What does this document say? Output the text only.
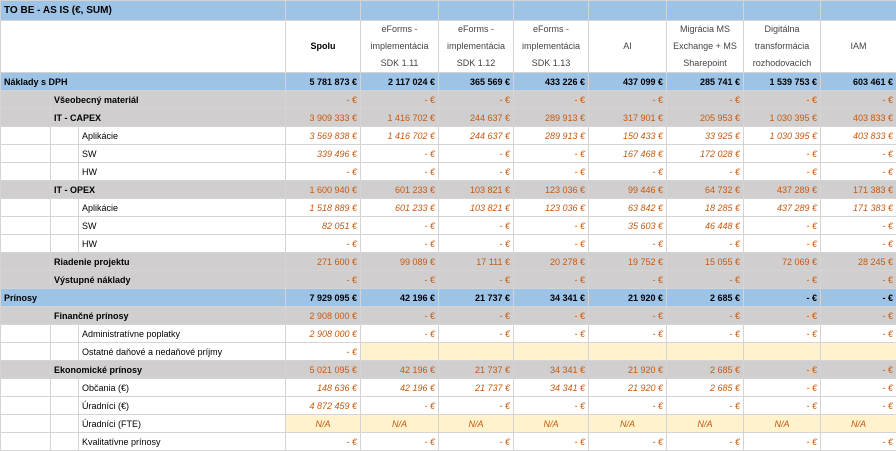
TO BE - AS IS (€, SUM)										
			Spolu	eForms - implementácia SDK 1.11	eForms - implementácia SDK 1.12	eForms - implementácia SDK 1.13	AI	Migrácia MS Exchange + MS Sharepoint	Digitálna transformácia rozhodovacích	IAM
Náklady s DPH			5 781 873 €	2 117 024 €	365 569 €	433 226 €	437 099 €	285 741 €	1 539 753 €	603 461 €
	Všeobecný materiál		- €	- €	- €	- €	- €	- €	- €	- €
	IT - CAPEX		3 909 333 €	1 416 702 €	244 637 €	289 913 €	317 901 €	205 953 €	1 030 395 €	403 833 €
		Aplikácie	3 569 838 €	1 416 702 €	244 637 €	289 913 €	150 433 €	33 925 €	1 030 395 €	403 833 €
		SW	339 496 €	- €	- €	- €	167 468 €	172 028 €	- €	- €
		HW	- €	- €	- €	- €	- €	- €	- €	- €
	IT - OPEX		1 600 940 €	601 233 €	103 821 €	123 036 €	99 446 €	64 732 €	437 289 €	171 383 €
		Aplikácie	1 518 889 €	601 233 €	103 821 €	123 036 €	63 842 €	18 285 €	437 289 €	171 383 €
		SW	82 051 €	- €	- €	- €	35 603 €	46 448 €	- €	- €
		HW	- €	- €	- €	- €	- €	- €	- €	- €
	Riadenie projektu		271 600 €	99 089 €	17 111 €	20 278 €	19 752 €	15 055 €	72 069 €	28 245 €
	Výstupné náklady		- €	- €	- €	- €	- €	- €	- €	- €
Prínosy			7 929 095 €	42 196 €	21 737 €	34 341 €	21 920 €	2 685 €	- €	- €
	Finančné prínosy		2 908 000 €	- €	- €	- €	- €	- €	- €	- €
		Administratívne poplatky	2 908 000 €	- €	- €	- €	- €	- €	- €	- €
		Ostatné daňové a nedaňové príjmy	- €							
	Ekonomické prínosy		5 021 095 €	42 196 €	21 737 €	34 341 €	21 920 €	2 685 €	- €	- €
		Občania (€)	148 636 €	42 196 €	21 737 €	34 341 €	21 920 €	2 685 €	- €	- €
		Úradníci (€)	4 872 459 €	- €	- €	- €	- €	- €	- €	- €
		Úradníci (FTE)	N/A	N/A	N/A	N/A	N/A	N/A	N/A	N/A
		Kvalitatívne prínosy	- €	- €	- €	- €	- €	- €	- €	- €
